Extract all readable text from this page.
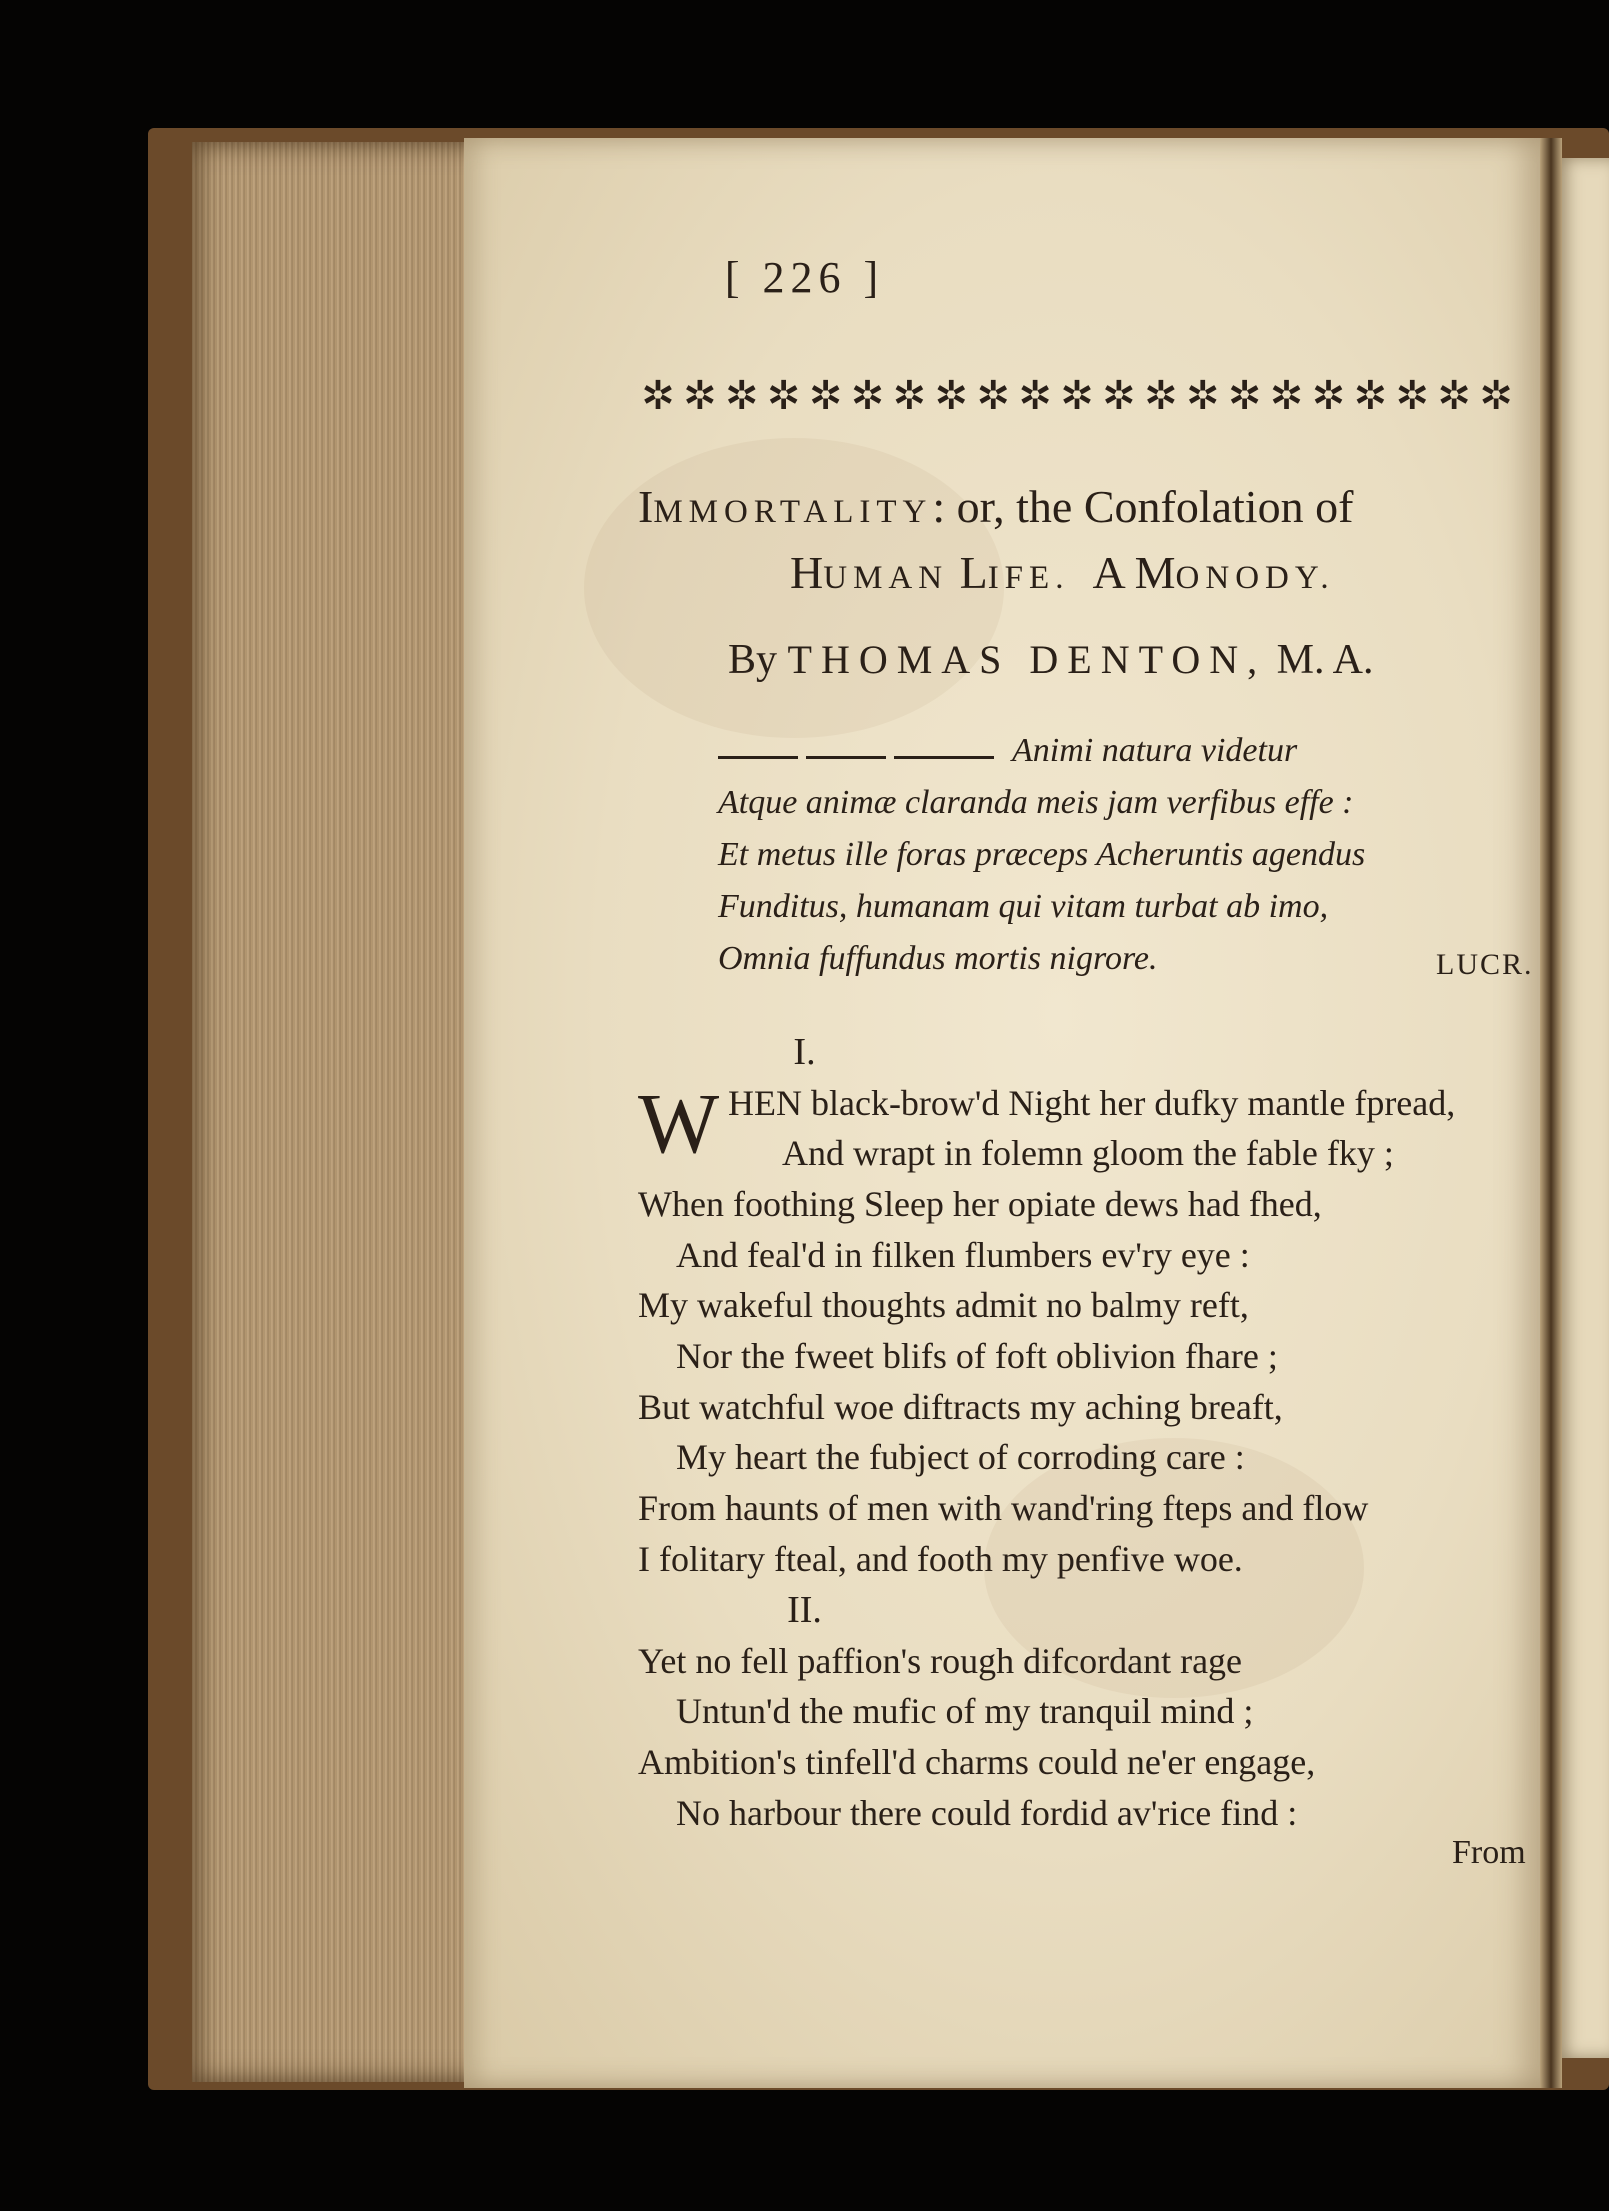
[ 226 ]
✲ ✲ ✲ ✲ ✲ ✲ ✲ ✲ ✲ ✲ ✲ ✲ ✲ ✲ ✲ ✲ ✲ ✲ ✲ ✲ ✲
IMMORTALITY: or, the Confolation of
HUMAN LIFE. A MONODY.
By THOMAS DENTON, M. A.
Animi natura videtur
Atque animæ claranda meis jam verfibus effe :
Et metus ille foras præceps Acheruntis agendus
Funditus, humanam qui vitam turbat ab imo,
Omnia fuffundus mortis nigrore.	LUCR.
I.
W HEN black-brow'd Night her dufky mantle fpread,
And wrapt in folemn gloom the fable fky ;
When foothing Sleep her opiate dews had fhed,
And feal'd in filken flumbers ev'ry eye :
My wakeful thoughts admit no balmy reft,
Nor the fweet blifs of foft oblivion fhare ;
But watchful woe diftracts my aching breaft,
My heart the fubject of corroding care :
From haunts of men with wand'ring fteps and flow
I folitary fteal, and footh my penfive woe.
II.
Yet no fell paffion's rough difcordant rage
Untun'd the mufic of my tranquil mind ;
Ambition's tinfell'd charms could ne'er engage,
No harbour there could fordid av'rice find :
From
